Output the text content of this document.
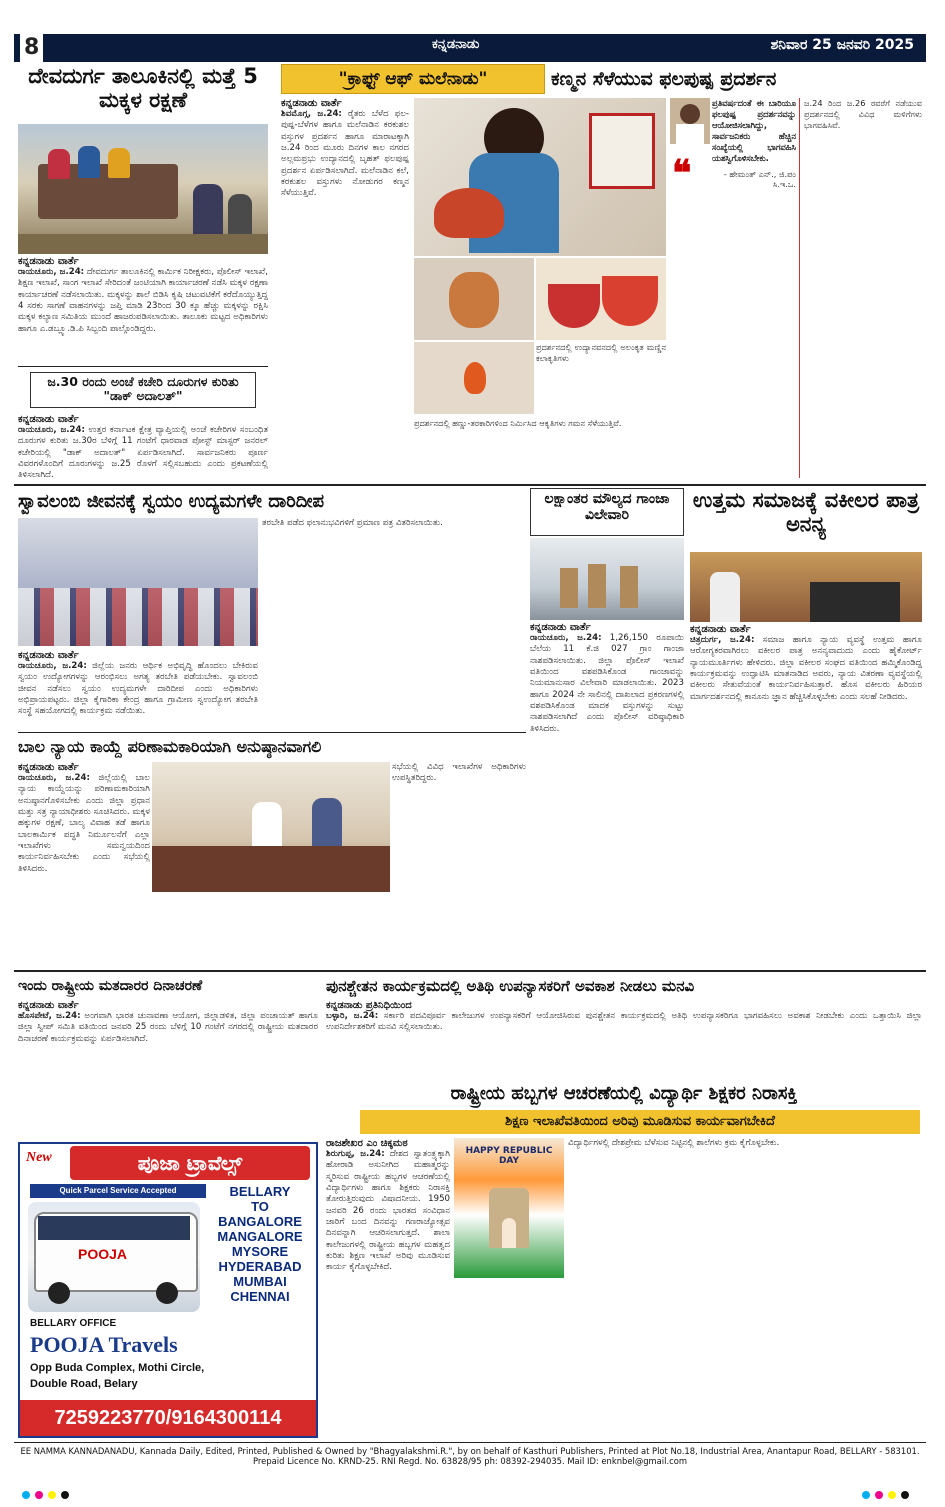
8	ಕನ್ನಡನಾಡು	ಶನಿವಾರ 25 ಜನವರಿ 2025
ದೇವದುರ್ಗ ತಾಲೂಕಿನಲ್ಲಿ ಮತ್ತೆ 5 ಮಕ್ಕಳ ರಕ್ಷಣೆ
ಕನ್ನಡನಾಡು ವಾರ್ತೆ
ರಾಯಚೂರು, ಜ.24: ದೇವದುರ್ಗ ತಾಲೂಕಿನಲ್ಲಿ ಕಾರ್ಮಿಕ ನಿರೀಕ್ಷಕರು, ಪೊಲೀಸ್ ಇಲಾಖೆ, ಶಿಕ್ಷಣ ಇಲಾಖೆ, ಸಾಂಗ ಇಲಾಖೆ ಸೇರಿದಂತೆ ಜಂಟಿಯಾಗಿ ಕಾರ್ಯಾಚರಣೆ ನಡೆಸಿ ಮಕ್ಕಳ ರಕ್ಷಣಾ ಕಾರ್ಯಾಚರಣೆ ನಡೆಸಲಾಯಿತು. ಮಕ್ಕಳನ್ನು ಶಾಲೆ ಬಿಡಿಸಿ ಕೃಷಿ ಚಟುವಟಿಕೆಗೆ ಕರೆದೊಯ್ಯುತ್ತಿದ್ದ 4 ಸರಕು ಸಾಗಣೆ ವಾಹನಗಳನ್ನು ಜಪ್ತಿ ಮಾಡಿ 23ರಿಂದ 30 ಕ್ಕೂ ಹೆಚ್ಚು ಮಕ್ಕಳನ್ನು ರಕ್ಷಿಸಿ ಮಕ್ಕಳ ಕಲ್ಯಾಣ ಸಮಿತಿಯ ಮುಂದೆ ಹಾಜರುಪಡಿಸಲಾಯಿತು. ತಾಲೂಕು ಮಟ್ಟದ ಅಧಿಕಾರಿಗಳು ಹಾಗೂ ಎ.ಡಬ್ಲ್ಯೂ.ಡಿ.ಪಿ ಸಿಬ್ಬಂದಿ ಪಾಲ್ಗೊಂಡಿದ್ದರು.
ಜ.30 ರಂದು ಅಂಚೆ ಕಚೇರಿ ದೂರುಗಳ ಕುರಿತು "ಡಾಕ್ ಅದಾಲತ್"
ಕನ್ನಡನಾಡು ವಾರ್ತೆ
ರಾಯಚೂರು, ಜ.24: ಉತ್ತರ ಕರ್ನಾಟಕ ಕ್ಷೇತ್ರ ವ್ಯಾಪ್ತಿಯಲ್ಲಿ ಅಂಚೆ ಕಚೇರಿಗಳ ಸಂಬಂಧಿತ ದೂರುಗಳ ಕುರಿತು ಜ.30ರ ಬೆಳಿಗ್ಗೆ 11 ಗಂಟೆಗೆ ಧಾರವಾಡ ಪೋಸ್ಟ್ ಮಾಸ್ಟರ್ ಜನರಲ್ ಕಚೇರಿಯಲ್ಲಿ "ಡಾಕ್ ಅದಾಲತ್" ಏರ್ಪಡಿಸಲಾಗಿದೆ. ಸಾರ್ವಜನಿಕರು ಪೂರ್ಣ ವಿವರಗಳೊಂದಿಗೆ ದೂರುಗಳನ್ನು ಜ.25 ರೊಳಗೆ ಸಲ್ಲಿಸಬಹುದು ಎಂದು ಪ್ರಕಟಣೆಯಲ್ಲಿ ತಿಳಿಸಲಾಗಿದೆ.
"ಕ್ರಾಫ್ಟ್ ಆಫ್ ಮಲೆನಾಡು"	ಕಣ್ಮನ ಸೆಳೆಯುವ ಫಲಪುಷ್ಪ ಪ್ರದರ್ಶನ
ಕನ್ನಡನಾಡು ವಾರ್ತೆ
ಶಿವಮೊಗ್ಗ, ಜ.24: ರೈತರು ಬೆಳೆದ ಫಲ-ಪುಷ್ಪ-ಬೆಳೆಗಳ ಹಾಗೂ ಮಲೆನಾಡಿನ ಕರಕುಶಲ ವಸ್ತುಗಳ ಪ್ರದರ್ಶನ ಹಾಗೂ ಮಾರಾಟಕ್ಕಾಗಿ ಜ.24 ರಿಂದ ಮೂರು ದಿನಗಳ ಕಾಲ ನಗರದ ಅಲ್ಲಮಪ್ರಭು ಉದ್ಯಾನದಲ್ಲಿ ಬೃಹತ್ ಫಲಪುಷ್ಪ ಪ್ರದರ್ಶನ ಏರ್ಪಡಿಸಲಾಗಿದೆ. ಮಲೆನಾಡಿನ ಕಲೆ, ಕರಕುಶಲ ವಸ್ತುಗಳು ನೋಡುಗರ ಕಣ್ಮನ ಸೆಳೆಯುತ್ತಿವೆ.
ಪ್ರದರ್ಶನದಲ್ಲಿ ಉದ್ಯಾನವನದಲ್ಲಿ ಅಲಂಕೃತ ಮಣ್ಣಿನ ಕಲಾಕೃತಿಗಳು
ಪ್ರದರ್ಶನದಲ್ಲಿ ಹಣ್ಣು-ತರಕಾರಿಗಳಿಂದ ನಿರ್ಮಿಸಿದ ಆಕೃತಿಗಳು ಗಮನ ಸೆಳೆಯುತ್ತಿವೆ.
❝
ಪ್ರತಿವರ್ಷದಂತೆ ಈ ಬಾರಿಯೂ ಫಲಪುಷ್ಪ ಪ್ರದರ್ಶನವನ್ನು ಆಯೋಜಿಸಲಾಗಿದ್ದು, ಸಾರ್ವಜನಿಕರು ಹೆಚ್ಚಿನ ಸಂಖ್ಯೆಯಲ್ಲಿ ಭಾಗವಹಿಸಿ ಯಶಸ್ವಿಗೊಳಿಸಬೇಕು.
- ಹೇಮಂತ್ ಎನ್., ಜಿ.ಪಂ ಸಿ.ಇ.ಒ.
ಜ.24 ರಿಂದ ಜ.26 ರವರೆಗೆ ನಡೆಯುವ ಪ್ರದರ್ಶನದಲ್ಲಿ ವಿವಿಧ ಮಳಿಗೆಗಳು ಭಾಗವಹಿಸಿವೆ.
ಸ್ವಾವಲಂಬಿ ಜೀವನಕ್ಕೆ ಸ್ವಯಂ ಉದ್ಯಮಗಳೇ ದಾರಿದೀಪ
ಕನ್ನಡನಾಡು ವಾರ್ತೆ
ರಾಯಚೂರು, ಜ.24: ಜಿಲ್ಲೆಯ ಜನರು ಆರ್ಥಿಕ ಅಭಿವೃದ್ಧಿ ಹೊಂದಲು ಬೇಕಿರುವ ಸ್ವಯಂ ಉದ್ಯೋಗಗಳನ್ನು ಆರಂಭಿಸಲು ಅಗತ್ಯ ತರಬೇತಿ ಪಡೆಯಬೇಕು. ಸ್ವಾವಲಂಬಿ ಜೀವನ ನಡೆಸಲು ಸ್ವಯಂ ಉದ್ಯಮಗಳೇ ದಾರಿದೀಪ ಎಂದು ಅಧಿಕಾರಿಗಳು ಅಭಿಪ್ರಾಯಪಟ್ಟರು. ಜಿಲ್ಲಾ ಕೈಗಾರಿಕಾ ಕೇಂದ್ರ ಹಾಗೂ ಗ್ರಾಮೀಣ ಸ್ವಉದ್ಯೋಗ ತರಬೇತಿ ಸಂಸ್ಥೆ ಸಹಯೋಗದಲ್ಲಿ ಕಾರ್ಯಕ್ರಮ ನಡೆಯಿತು.
ತರಬೇತಿ ಪಡೆದ ಫಲಾನುಭವಿಗಳಿಗೆ ಪ್ರಮಾಣ ಪತ್ರ ವಿತರಿಸಲಾಯಿತು.
ಲಕ್ಷಾಂತರ ಮೌಲ್ಯದ ಗಾಂಜಾ ವಿಲೇವಾರಿ
ಕನ್ನಡನಾಡು ವಾರ್ತೆ
ರಾಯಚೂರು, ಜ.24: 1,26,150 ರೂಪಾಯಿ ಬೆಲೆಯ 11 ಕೆ.ಜಿ 027 ಗ್ರಾಂ ಗಾಂಜಾ ನಾಶಪಡಿಸಲಾಯಿತು. ಜಿಲ್ಲಾ ಪೊಲೀಸ್ ಇಲಾಖೆ ವತಿಯಿಂದ ವಶಪಡಿಸಿಕೊಂಡ ಗಾಂಜಾವನ್ನು ನಿಯಮಾನುಸಾರ ವಿಲೇವಾರಿ ಮಾಡಲಾಯಿತು. 2023 ಹಾಗೂ 2024 ನೇ ಸಾಲಿನಲ್ಲಿ ದಾಖಲಾದ ಪ್ರಕರಣಗಳಲ್ಲಿ ವಶಪಡಿಸಿಕೊಂಡ ಮಾದಕ ವಸ್ತುಗಳನ್ನು ಸುಟ್ಟು ನಾಶಪಡಿಸಲಾಗಿದೆ ಎಂದು ಪೊಲೀಸ್ ವರಿಷ್ಠಾಧಿಕಾರಿ ತಿಳಿಸಿದರು.
ಉತ್ತಮ ಸಮಾಜಕ್ಕೆ ವಕೀಲರ ಪಾತ್ರ ಅನನ್ಯ
ಕನ್ನಡನಾಡು ವಾರ್ತೆ
ಚಿತ್ರದುರ್ಗ, ಜ.24: ಸಮಾಜ ಹಾಗೂ ನ್ಯಾಯ ವ್ಯವಸ್ಥೆ ಉತ್ತಮ ಹಾಗೂ ಆರೋಗ್ಯಕರವಾಗಿರಲು ವಕೀಲರ ಪಾತ್ರ ಅನನ್ಯವಾದುದು ಎಂದು ಹೈಕೋರ್ಟ್ ನ್ಯಾಯಮೂರ್ತಿಗಳು ಹೇಳಿದರು. ಜಿಲ್ಲಾ ವಕೀಲರ ಸಂಘದ ವತಿಯಿಂದ ಹಮ್ಮಿಕೊಂಡಿದ್ದ ಕಾರ್ಯಕ್ರಮವನ್ನು ಉದ್ಘಾಟಿಸಿ ಮಾತನಾಡಿದ ಅವರು, ನ್ಯಾಯ ವಿತರಣಾ ವ್ಯವಸ್ಥೆಯಲ್ಲಿ ವಕೀಲರು ಸೇತುವೆಯಂತೆ ಕಾರ್ಯನಿರ್ವಹಿಸುತ್ತಾರೆ. ಹೊಸ ವಕೀಲರು ಹಿರಿಯರ ಮಾರ್ಗದರ್ಶನದಲ್ಲಿ ಕಾನೂನು ಜ್ಞಾನ ಹೆಚ್ಚಿಸಿಕೊಳ್ಳಬೇಕು ಎಂದು ಸಲಹೆ ನೀಡಿದರು.
ಬಾಲ ನ್ಯಾಯ ಕಾಯ್ದೆ ಪರಿಣಾಮಕಾರಿಯಾಗಿ ಅನುಷ್ಠಾನವಾಗಲಿ
ಕನ್ನಡನಾಡು ವಾರ್ತೆ
ರಾಯಚೂರು, ಜ.24: ಜಿಲ್ಲೆಯಲ್ಲಿ ಬಾಲ ನ್ಯಾಯ ಕಾಯ್ದೆಯನ್ನು ಪರಿಣಾಮಕಾರಿಯಾಗಿ ಅನುಷ್ಠಾನಗೊಳಿಸಬೇಕು ಎಂದು ಜಿಲ್ಲಾ ಪ್ರಧಾನ ಮತ್ತು ಸತ್ರ ನ್ಯಾಯಾಧೀಶರು ಸೂಚಿಸಿದರು. ಮಕ್ಕಳ ಹಕ್ಕುಗಳ ರಕ್ಷಣೆ, ಬಾಲ್ಯ ವಿವಾಹ ತಡೆ ಹಾಗೂ ಬಾಲಕಾರ್ಮಿಕ ಪದ್ಧತಿ ನಿರ್ಮೂಲನೆಗೆ ಎಲ್ಲಾ ಇಲಾಖೆಗಳು ಸಮನ್ವಯದಿಂದ ಕಾರ್ಯನಿರ್ವಹಿಸಬೇಕು ಎಂದು ಸಭೆಯಲ್ಲಿ ತಿಳಿಸಿದರು.
ಸಭೆಯಲ್ಲಿ ವಿವಿಧ ಇಲಾಖೆಗಳ ಅಧಿಕಾರಿಗಳು ಉಪಸ್ಥಿತರಿದ್ದರು.
ಇಂದು ರಾಷ್ಟ್ರೀಯ ಮತದಾರರ ದಿನಾಚರಣೆ
ಕನ್ನಡನಾಡು ವಾರ್ತೆ
ಹೊಸಪೇಟೆ, ಜ.24: ಅಂಗವಾಗಿ ಭಾರತ ಚುನಾವಣಾ ಆಯೋಗ, ಜಿಲ್ಲಾಡಳಿತ, ಜಿಲ್ಲಾ ಪಂಚಾಯತ್ ಹಾಗೂ ಜಿಲ್ಲಾ ಸ್ವೀಪ್ ಸಮಿತಿ ವತಿಯಿಂದ ಜನವರಿ 25 ರಂದು ಬೆಳಿಗ್ಗೆ 10 ಗಂಟೆಗೆ ನಗರದಲ್ಲಿ ರಾಷ್ಟ್ರೀಯ ಮತದಾರರ ದಿನಾಚರಣೆ ಕಾರ್ಯಕ್ರಮವನ್ನು ಏರ್ಪಡಿಸಲಾಗಿದೆ.
ಪುನಶ್ಚೇತನ ಕಾರ್ಯಕ್ರಮದಲ್ಲಿ ಅತಿಥಿ ಉಪನ್ಯಾಸಕರಿಗೆ ಅವಕಾಶ ನೀಡಲು ಮನವಿ
ಕನ್ನಡನಾಡು ಪ್ರತಿನಿಧಿಯಿಂದ
ಬಳ್ಳಾರಿ, ಜ.24: ಸರ್ಕಾರಿ ಪದವಿಪೂರ್ವ ಕಾಲೇಜುಗಳ ಉಪನ್ಯಾಸಕರಿಗೆ ಆಯೋಜಿಸಿರುವ ಪುನಶ್ಚೇತನ ಕಾರ್ಯಕ್ರಮದಲ್ಲಿ ಅತಿಥಿ ಉಪನ್ಯಾಸಕರಿಗೂ ಭಾಗವಹಿಸಲು ಅವಕಾಶ ನೀಡಬೇಕು ಎಂದು ಒತ್ತಾಯಿಸಿ ಜಿಲ್ಲಾ ಉಪನಿರ್ದೇಶಕರಿಗೆ ಮನವಿ ಸಲ್ಲಿಸಲಾಯಿತು.
ರಾಷ್ಟ್ರೀಯ ಹಬ್ಬಗಳ ಆಚರಣೆಯಲ್ಲಿ ವಿದ್ಯಾರ್ಥಿ ಶಿಕ್ಷಕರ ನಿರಾಸಕ್ತಿ
ಶಿಕ್ಷಣ ಇಲಾಖೆವತಿಯಿಂದ ಅರಿವು ಮೂಡಿಸುವ ಕಾರ್ಯವಾಗಬೇಕಿದೆ
ರಾಜಶೇಖರ ಎಂ ಚಿಕ್ಕಮಠ
ಶಿರುಗುಪ್ಪ, ಜ.24: ದೇಶದ ಸ್ವಾತಂತ್ರ್ಯಕ್ಕಾಗಿ ಹೋರಾಡಿ ಅಸುನೀಗಿದ ಮಹಾತ್ಮರನ್ನು ಸ್ಮರಿಸುವ ರಾಷ್ಟ್ರೀಯ ಹಬ್ಬಗಳ ಆಚರಣೆಯಲ್ಲಿ ವಿದ್ಯಾರ್ಥಿಗಳು ಹಾಗೂ ಶಿಕ್ಷಕರು ನಿರಾಸಕ್ತಿ ತೋರುತ್ತಿರುವುದು ವಿಷಾದನೀಯ. 1950 ಜನವರಿ 26 ರಂದು ಭಾರತದ ಸಂವಿಧಾನ ಜಾರಿಗೆ ಬಂದ ದಿನವನ್ನು ಗಣರಾಜ್ಯೋತ್ಸವ ದಿನವನ್ನಾಗಿ ಆಚರಿಸಲಾಗುತ್ತದೆ. ಶಾಲಾ ಕಾಲೇಜುಗಳಲ್ಲಿ ರಾಷ್ಟ್ರೀಯ ಹಬ್ಬಗಳ ಮಹತ್ವದ ಕುರಿತು ಶಿಕ್ಷಣ ಇಲಾಖೆ ಅರಿವು ಮೂಡಿಸುವ ಕಾರ್ಯ ಕೈಗೊಳ್ಳಬೇಕಿದೆ.
HAPPY REPUBLIC DAY
ವಿದ್ಯಾರ್ಥಿಗಳಲ್ಲಿ ದೇಶಪ್ರೇಮ ಬೆಳೆಸುವ ನಿಟ್ಟಿನಲ್ಲಿ ಶಾಲೆಗಳು ಕ್ರಮ ಕೈಗೊಳ್ಳಬೇಕು.
New	ಪೂಜಾ ಟ್ರಾವೆಲ್ಸ್
Quick Parcel Service Accepted
POOJA
BELLARY
TO
BANGALORE
MANGALORE
MYSORE
HYDERABAD
MUMBAI
CHENNAI
BELLARY OFFICE
POOJA Travels
Opp Buda Complex, Mothi Circle,
Double Road, Belary
7259223770/9164300114
EE NAMMA KANNADANADU, Kannada Daily, Edited, Printed, Published & Owned by "Bhagyalakshmi.R.", by on behalf of Kasthuri Publishers, Printed at Plot No.18, Industrial Area, Anantapur Road, BELLARY - 583101.
Prepaid Licence No. KRND-25. RNI Regd. No. 63828/95 ph: 08392-294035. Mail ID: enknbel@gmail.com
